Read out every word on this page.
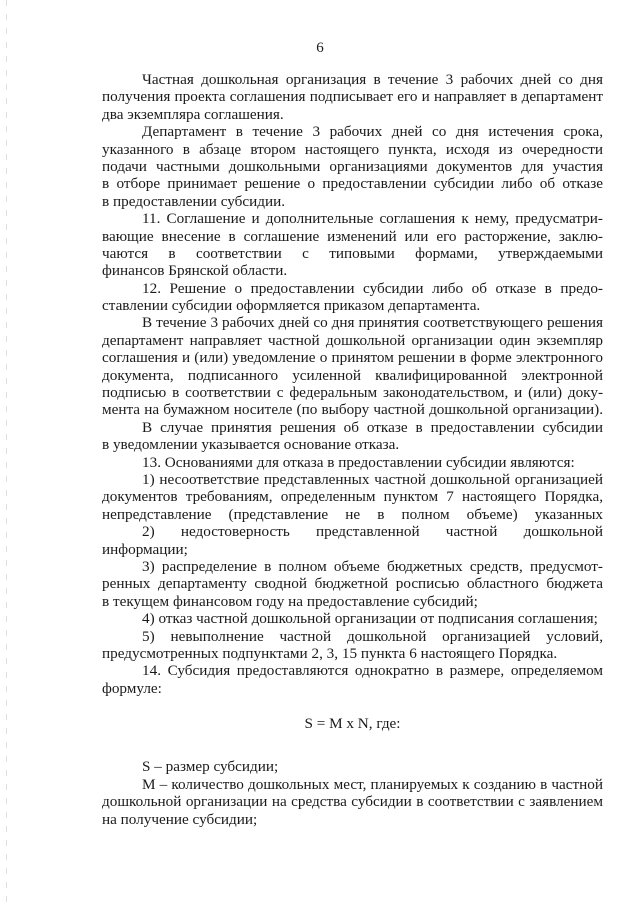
6
Частная дошкольная организация в течение 3 рабочих дней со дня
получения проекта соглашения подписывает его и направляет в департамент
два экземпляра соглашения.
Департамент в течение 3 рабочих дней со дня истечения срока,
указанного в абзаце втором настоящего пункта, исходя из очередности
подачи частными дошкольными организациями документов для участия
в отборе принимает решение о предоставлении субсидии либо об отказе
в предоставлении субсидии.
11. Соглашение и дополнительные соглашения к нему, предусматри-
вающие внесение в соглашение изменений или его расторжение, заклю-
чаются в соответствии с типовыми формами, утверждаемыми
финансов Брянской области.
12. Решение о предоставлении субсидии либо об отказе в предо-
ставлении субсидии оформляется приказом департамента.
В течение 3 рабочих дней со дня принятия соответствующего решения
департамент направляет частной дошкольной организации один экземпляр
соглашения и (или) уведомление о принятом решении в форме электронного
документа, подписанного усиленной квалифицированной электронной
подписью в соответствии с федеральным законодательством, и (или) доку-
мента на бумажном носителе (по выбору частной дошкольной организации).
В случае принятия решения об отказе в предоставлении субсидии
в уведомлении указывается основание отказа.
13. Основаниями для отказа в предоставлении субсидии являются:
1) несоответствие представленных частной дошкольной организацией
документов требованиям, определенным пунктом 7 настоящего Порядка,
непредставление (представление не в полном объеме) указанных
2) недостоверность представленной частной дошкольной
информации;
3) распределение в полном объеме бюджетных средств, предусмот-
ренных департаменту сводной бюджетной росписью областного бюджета
в текущем финансовом году на предоставление субсидий;
4) отказ частной дошкольной организации от подписания соглашения;
5) невыполнение частной дошкольной организацией условий,
предусмотренных подпунктами 2, 3, 15 пункта 6 настоящего Порядка.
14. Субсидия предоставляются однократно в размере, определяемом
формуле:
S = M x N, где:
S – размер субсидии;
М – количество дошкольных мест, планируемых к созданию в частной
дошкольной организации на средства субсидии в соответствии с заявлением
на получение субсидии;
